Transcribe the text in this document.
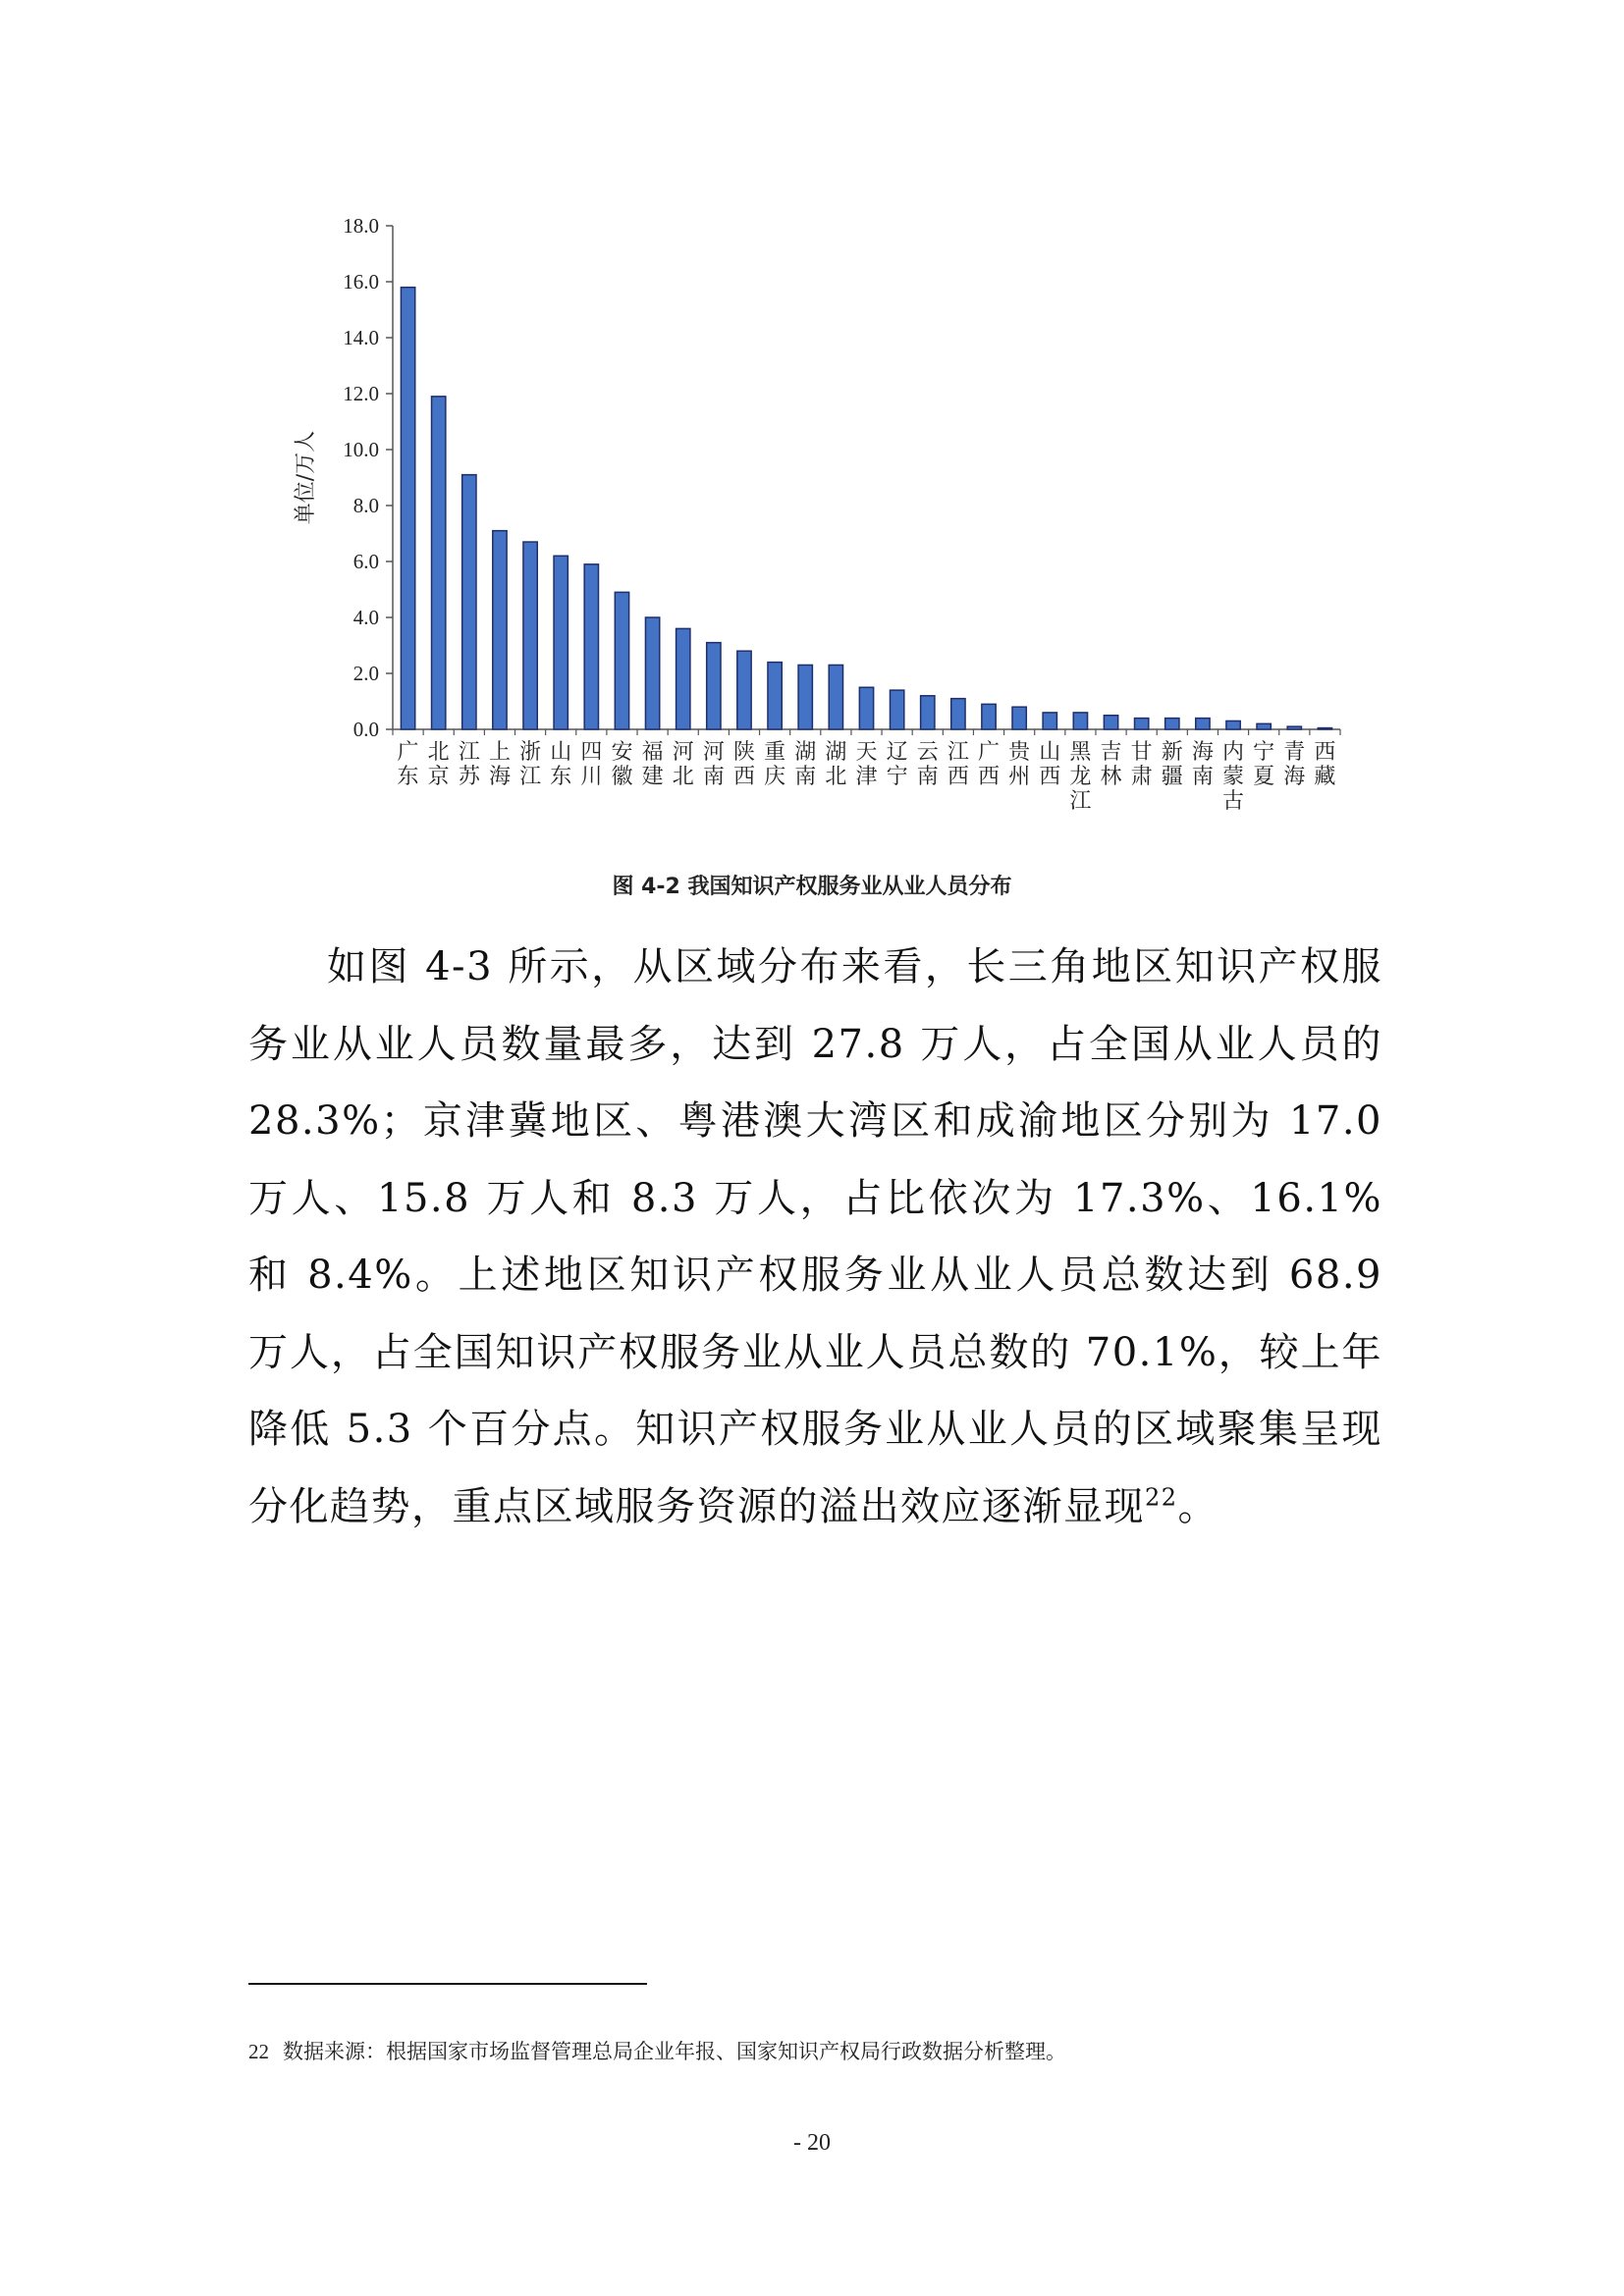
0.0
2.0
4.0
6.0
8.0
10.0
12.0
14.0
16.0
18.0
单位/万人
广东
北京
江苏
上海
浙江
山东
四川
安徽
福建
河北
河南
陕西
重庆
湖南
湖北
天津
辽宁
云南
江西
广西
贵州
山西
黑龙江
吉林
甘肃
新疆
海南
内蒙古
宁夏
青海
西藏
图 4-2 我国知识产权服务业从业人员分布

如图 4-3 所示，从区域分布来看，长三角地区知识产权服务业从业人员数量最多，达到 27.8 万人，占全国从业人员的 28.3%；京津冀地区、粤港澳大湾区和成渝地区分别为 17.0 万人、15.8 万人和 8.3 万人，占比依次为 17.3%、16.1% 和 8.4%。上述地区知识产权服务业从业人员总数达到 68.9 万人，占全国知识产权服务业从业人员总数的 70.1%，较上年降低 5.3 个百分点。知识产权服务业从业人员的区域聚集呈现分化趋势，重点区域服务资源的溢出效应逐渐显现$^{22}$。

22 数据来源：根据国家市场监督管理总局企业年报、国家知识产权局行政数据分析整理。
- 20
